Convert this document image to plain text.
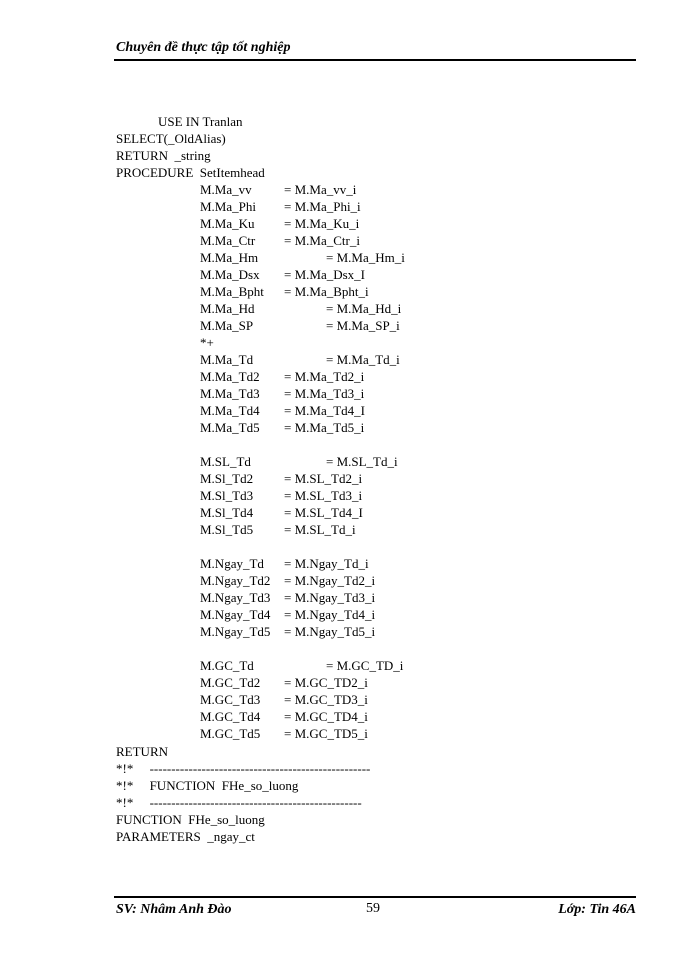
Chuyên đề thực tập tốt nghiệp
USE IN Tranlan
SELECT(_OldAlias)
RETURN  _string
PROCEDURE  SetItemhead
M.Ma_vv = M.Ma_vv_i
M.Ma_Phi = M.Ma_Phi_i
M.Ma_Ku = M.Ma_Ku_i
M.Ma_Ctr = M.Ma_Ctr_i
M.Ma_Hm	= M.Ma_Hm_i
M.Ma_Dsx = M.Ma_Dsx_I
M.Ma_Bpht = M.Ma_Bpht_i
M.Ma_Hd	= M.Ma_Hd_i
M.Ma_SP	= M.Ma_SP_i
*+
M.Ma_Td	= M.Ma_Td_i
M.Ma_Td2 = M.Ma_Td2_i
M.Ma_Td3 = M.Ma_Td3_i
M.Ma_Td4 = M.Ma_Td4_I
M.Ma_Td5 = M.Ma_Td5_i
M.SL_Td	= M.SL_Td_i
M.Sl_Td2 = M.SL_Td2_i
M.Sl_Td3 = M.SL_Td3_i
M.Sl_Td4 = M.SL_Td4_I
M.Sl_Td5 = M.SL_Td_i
M.Ngay_Td = M.Ngay_Td_i
M.Ngay_Td2 = M.Ngay_Td2_i
M.Ngay_Td3 = M.Ngay_Td3_i
M.Ngay_Td4 = M.Ngay_Td4_i
M.Ngay_Td5 = M.Ngay_Td5_i
M.GC_Td	= M.GC_TD_i
M.GC_Td2 = M.GC_TD2_i
M.GC_Td3 = M.GC_TD3_i
M.GC_Td4 = M.GC_TD4_i
M.GC_Td5 = M.GC_TD5_i
RETURN
*!*     ---------------------------------------------------
*!*     FUNCTION  FHe_so_luong
*!*     -------------------------------------------------
FUNCTION  FHe_so_luong
PARAMETERS  _ngay_ct
SV: Nhâm Anh Đào	59	Lớp: Tin 46A
